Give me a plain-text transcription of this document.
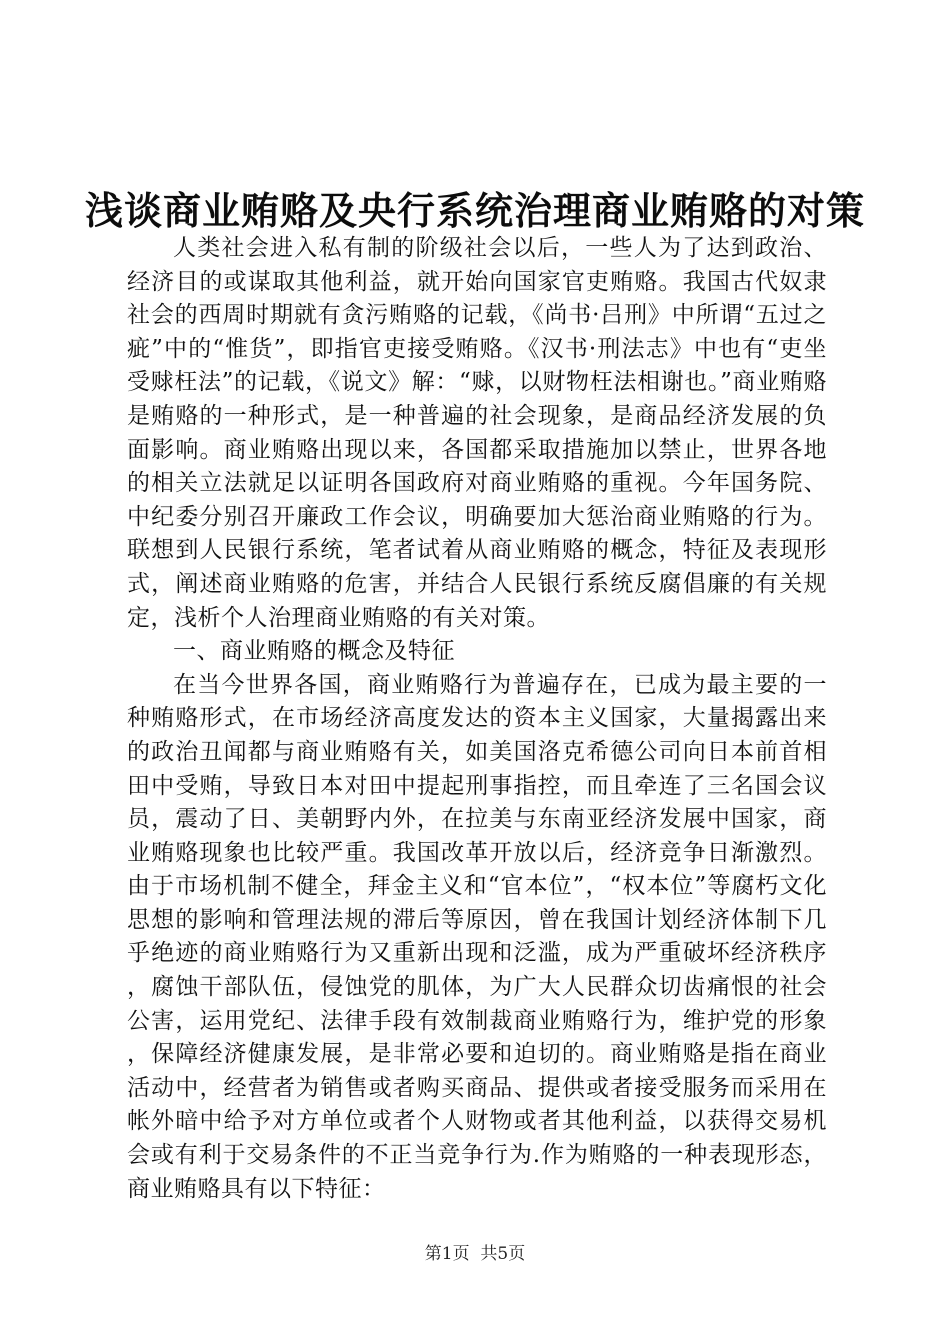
浅谈商业贿赂及央行系统治理商业贿赂的对策

人类社会进入私有制的阶级社会以后，一些人为了达到政治、经济目的或谋取其他利益，就开始向国家官吏贿赂。我国古代奴隶社会的西周时期就有贪污贿赂的记载，《尚书·吕刑》中所谓“五过之疵”中的“惟货”，即指官吏接受贿赂。《汉书·刑法志》中也有“吏坐受赇枉法”的记载，《说文》解：“赇，以财物枉法相谢也。”商业贿赂是贿赂的一种形式，是一种普遍的社会现象，是商品经济发展的负面影响。商业贿赂出现以来，各国都采取措施加以禁止，世界各地的相关立法就足以证明各国政府对商业贿赂的重视。今年国务院、中纪委分别召开廉政工作会议，明确要加大惩治商业贿赂的行为。联想到人民银行系统，笔者试着从商业贿赂的概念，特征及表现形式，阐述商业贿赂的危害，并结合人民银行系统反腐倡廉的有关规定，浅析个人治理商业贿赂的有关对策。

一、商业贿赂的概念及特征

在当今世界各国，商业贿赂行为普遍存在，已成为最主要的一种贿赂形式，在市场经济高度发达的资本主义国家，大量揭露出来的政治丑闻都与商业贿赂有关，如美国洛克希德公司向日本前首相田中受贿，导致日本对田中提起刑事指控，而且牵连了三名国会议员，震动了日、美朝野内外，在拉美与东南亚经济发展中国家，商业贿赂现象也比较严重。我国改革开放以后，经济竞争日渐激烈。由于市场机制不健全，拜金主义和“官本位”，“权本位”等腐朽文化思想的影响和管理法规的滞后等原因，曾在我国计划经济体制下几乎绝迹的商业贿赂行为又重新出现和泛滥，成为严重破坏经济秩序，腐蚀干部队伍，侵蚀党的肌体，为广大人民群众切齿痛恨的社会公害，运用党纪、法律手段有效制裁商业贿赂行为，维护党的形象，保障经济健康发展，是非常必要和迫切的。商业贿赂是指在商业活动中，经营者为销售或者购买商品、提供或者接受服务而采用在帐外暗中给予对方单位或者个人财物或者其他利益，以获得交易机会或有利于交易条件的不正当竞争行为.作为贿赂的一种表现形态，商业贿赂具有以下特征：

第1页  共5页
